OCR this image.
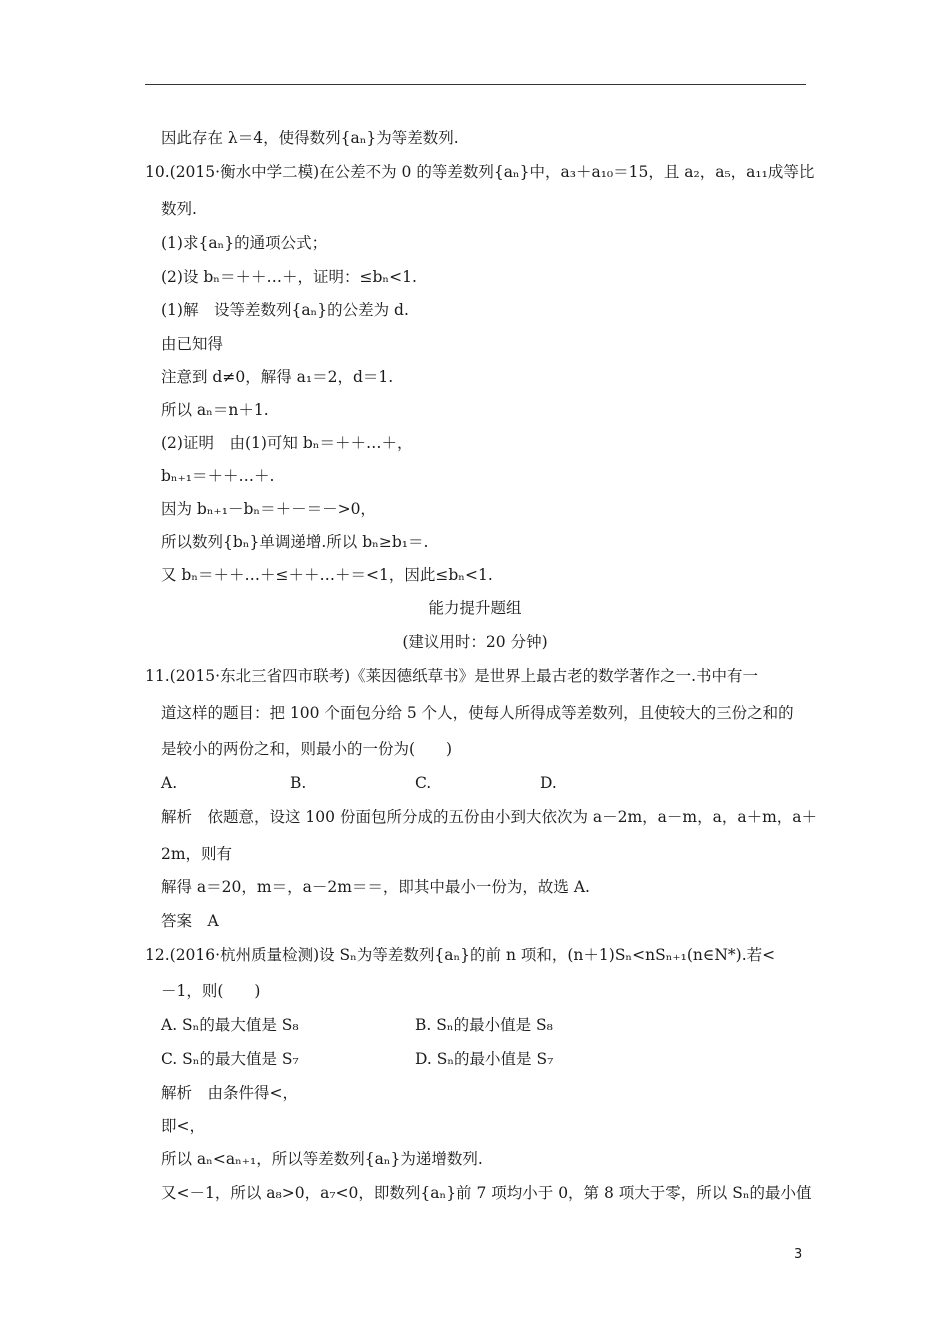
因此存在 λ＝4，使得数列{aₙ}为等差数列.
10.(2015·衡水中学二模)在公差不为 0 的等差数列{aₙ}中，a₃＋a₁₀＝15，且 a₂，a₅，a₁₁成等比
数列.
(1)求{aₙ}的通项公式；
(2)设 bₙ＝＋＋…＋，证明：≤bₙ<1.
(1)解　设等差数列{aₙ}的公差为 d.
由已知得
注意到 d≠0，解得 a₁＝2，d＝1.
所以 aₙ＝n＋1.
(2)证明　由(1)可知 bₙ＝＋＋…＋，
bₙ₊₁＝＋＋…＋.
因为 bₙ₊₁－bₙ＝＋－＝－>0，
所以数列{bₙ}单调递增.所以 bₙ≥b₁＝.
又 bₙ＝＋＋…＋≤＋＋…＋＝<1，因此≤bₙ<1.
11.(2015·东北三省四市联考)《莱因德纸草书》是世界上最古老的数学著作之一.书中有一
道这样的题目：把 100 个面包分给 5 个人，使每人所得成等差数列，且使较大的三份之和的
是较小的两份之和，则最小的一份为(　　)
解析　依题意，设这 100 份面包所分成的五份由小到大依次为 a－2m，a－m，a，a＋m，a＋
2m，则有
解得 a＝20，m＝，a－2m＝＝，即其中最小一份为，故选 A.
答案　A
12.(2016·杭州质量检测)设 Sₙ为等差数列{aₙ}的前 n 项和，(n＋1)Sₙ<nSₙ₊₁(n∈N*).若<
－1，则(　　)
解析　由条件得<，
即<，
所以 aₙ<aₙ₊₁，所以等差数列{aₙ}为递增数列.
又<－1，所以 a₈>0，a₇<0，即数列{aₙ}前 7 项均小于 0，第 8 项大于零，所以 Sₙ的最小值
能力提升题组
(建议用时：20 分钟)
A.	B.	C.	D.
A. Sₙ的最大值是 S₈	B. Sₙ的最小值是 S₈
C. Sₙ的最大值是 S₇	D. Sₙ的最小值是 S₇
3
